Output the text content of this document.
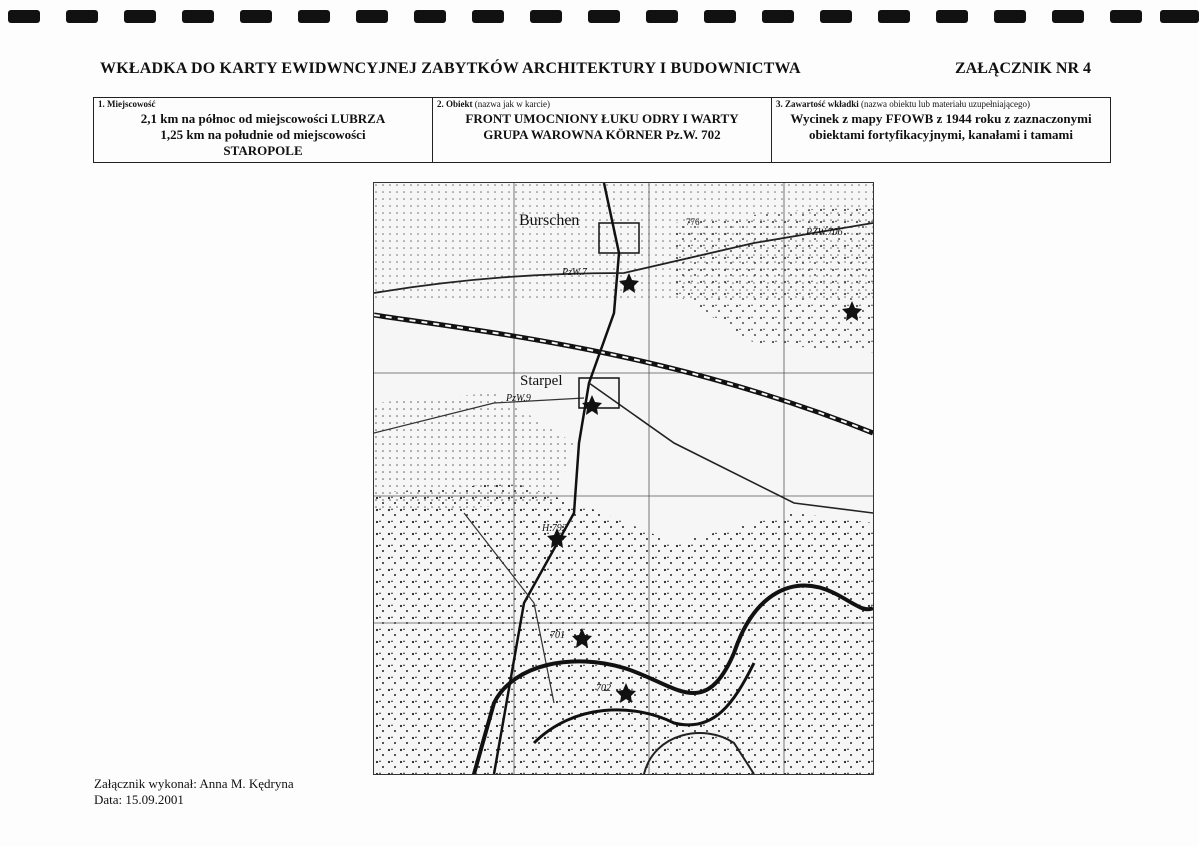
WKŁADKA DO KARTY EWIDWNCYJNEJ ZABYTKÓW ARCHITEKTURY I BUDOWNICTWA	ZAŁĄCZNIK NR 4
1. Miejscowość
2,1 km na północ od miejscowości LUBRZA
1,25 km na południe od miejscowości
STAROPOLE
2. Obiekt (nazwa jak w karcie)
FRONT UMOCNIONY ŁUKU ODRY I WARTY
GRUPA WAROWNA KÖRNER Pz.W. 702
3. Zawartość wkładki (nazwa obiektu lub materiału uzupełniającego)
Wycinek z mapy FFOWB z 1944 roku z zaznaczonymi
obiektami fortyfikacyjnymi, kanałami i tamami
Burschen
PZW.706
PzW.7
776
Starpel
PzW.9
H.792
701
702
Załącznik wykonał: Anna M. Kędryna
Data: 15.09.2001
